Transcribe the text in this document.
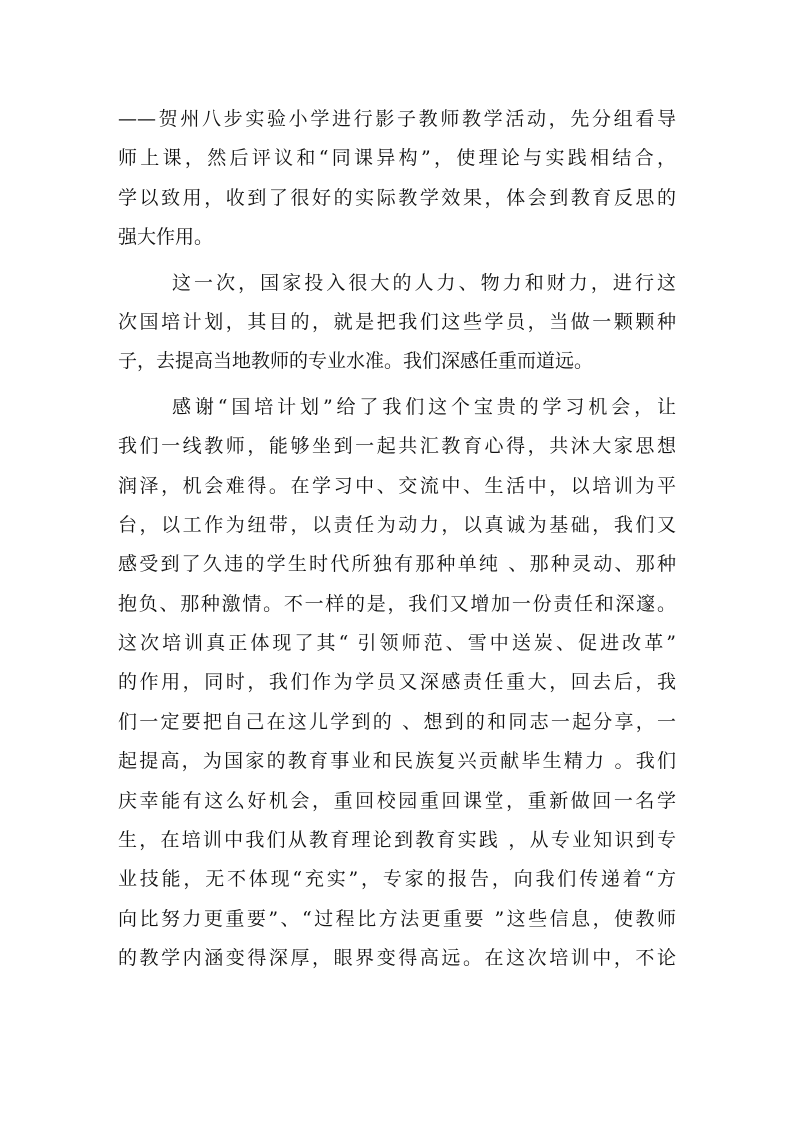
——贺州八步实验小学进行影子教师教学活动，先分组看导
师上课，然后评议和“同课异构”，使理论与实践相结合，
学以致用，收到了很好的实际教学效果，体会到教育反思的
强大作用。
这一次，国家投入很大的人力、物力和财力，进行这
次国培计划，其目的，就是把我们这些学员，当做一颗颗种
子，去提高当地教师的专业水准。我们深感任重而道远。
感谢“国培计划”给了我们这个宝贵的学习机会，让
我们一线教师，能够坐到一起共汇教育心得，共沐大家思想
润泽，机会难得。在学习中、交流中、生活中，以培训为平
台，以工作为纽带，以责任为动力，以真诚为基础，我们又
感受到了久违的学生时代所独有那种单纯 、那种灵动、那种
抱负、那种激情。不一样的是，我们又增加一份责任和深邃。
这次培训真正体现了其“ 引领师范、雪中送炭、促进改革”
的作用，同时，我们作为学员又深感责任重大，回去后，我
们一定要把自己在这儿学到的 、想到的和同志一起分享，一
起提高，为国家的教育事业和民族复兴贡献毕生精力 。我们
庆幸能有这么好机会，重回校园重回课堂，重新做回一名学
生，在培训中我们从教育理论到教育实践 ，从专业知识到专
业技能，无不体现“充实”，专家的报告，向我们传递着“方
向比努力更重要”、“过程比方法更重要 ”这些信息，使教师
的教学内涵变得深厚，眼界变得高远。在这次培训中，不论
